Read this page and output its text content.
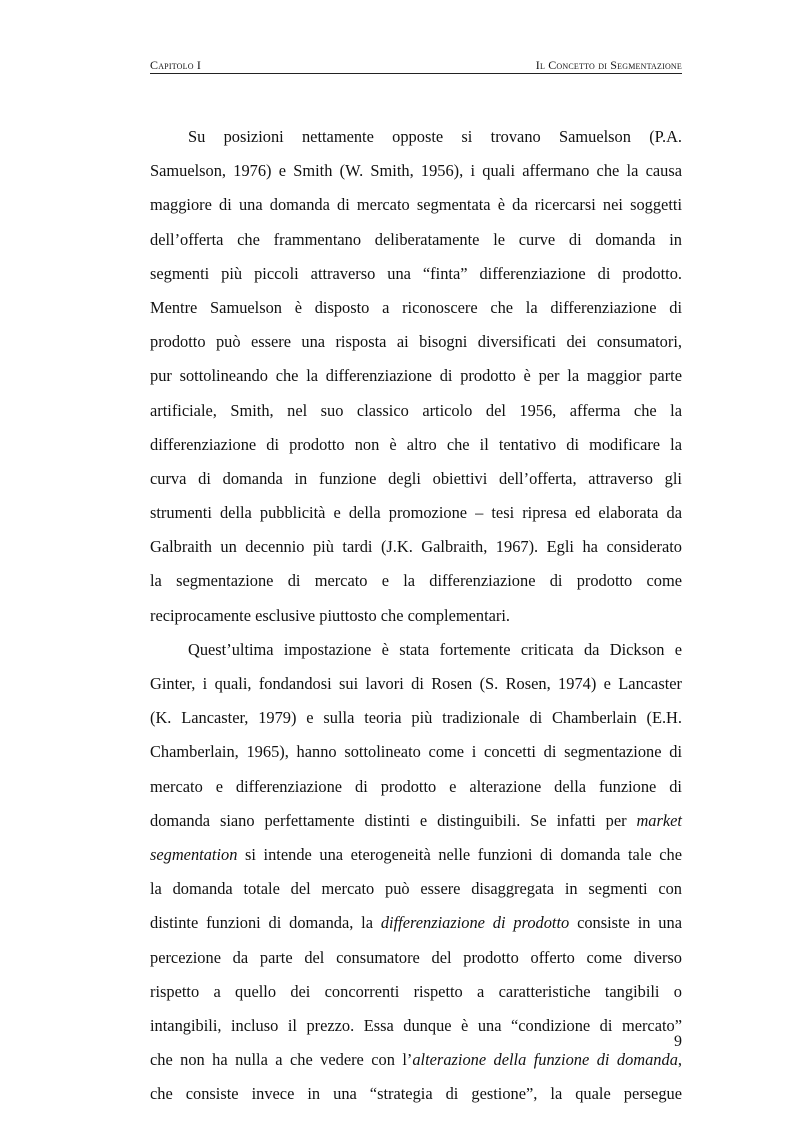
Capitolo I	Il Concetto di Segmentazione
Su posizioni nettamente opposte si trovano Samuelson (P.A.
Samuelson, 1976) e Smith (W. Smith, 1956), i quali affermano che la causa
maggiore di una domanda di mercato segmentata è da ricercarsi nei soggetti
dell’offerta che frammentano deliberatamente le curve di domanda in
segmenti più piccoli attraverso una “finta” differenziazione di prodotto.
Mentre Samuelson è disposto a riconoscere che la differenziazione di
prodotto può essere una risposta ai bisogni diversificati dei consumatori,
pur sottolineando che la differenziazione di prodotto è per la maggior parte
artificiale, Smith, nel suo classico articolo del 1956, afferma che la
differenziazione di prodotto non è altro che il tentativo di modificare la
curva di domanda in funzione degli obiettivi dell’offerta, attraverso gli
strumenti della pubblicità e della promozione – tesi ripresa ed elaborata da
Galbraith un decennio più tardi (J.K. Galbraith, 1967). Egli ha considerato
la segmentazione di mercato e la differenziazione di prodotto come
reciprocamente esclusive piuttosto che complementari.
Quest’ultima impostazione è stata fortemente criticata da Dickson e
Ginter, i quali, fondandosi sui lavori di Rosen (S. Rosen, 1974) e Lancaster
(K. Lancaster, 1979) e sulla teoria più tradizionale di Chamberlain (E.H.
Chamberlain, 1965), hanno sottolineato come i concetti di segmentazione di
mercato e differenziazione di prodotto e alterazione della funzione di
domanda siano perfettamente distinti e distinguibili. Se infatti per market
segmentation si intende una eterogeneità nelle funzioni di domanda tale che
la domanda totale del mercato può essere disaggregata in segmenti con
distinte funzioni di domanda, la differenziazione di prodotto consiste in una
percezione da parte del consumatore del prodotto offerto come diverso
rispetto a quello dei concorrenti rispetto a caratteristiche tangibili o
intangibili, incluso il prezzo. Essa dunque è una “condizione di mercato”
che non ha nulla a che vedere con l’alterazione della funzione di domanda,
che consiste invece in una “strategia di gestione”, la quale persegue
9
